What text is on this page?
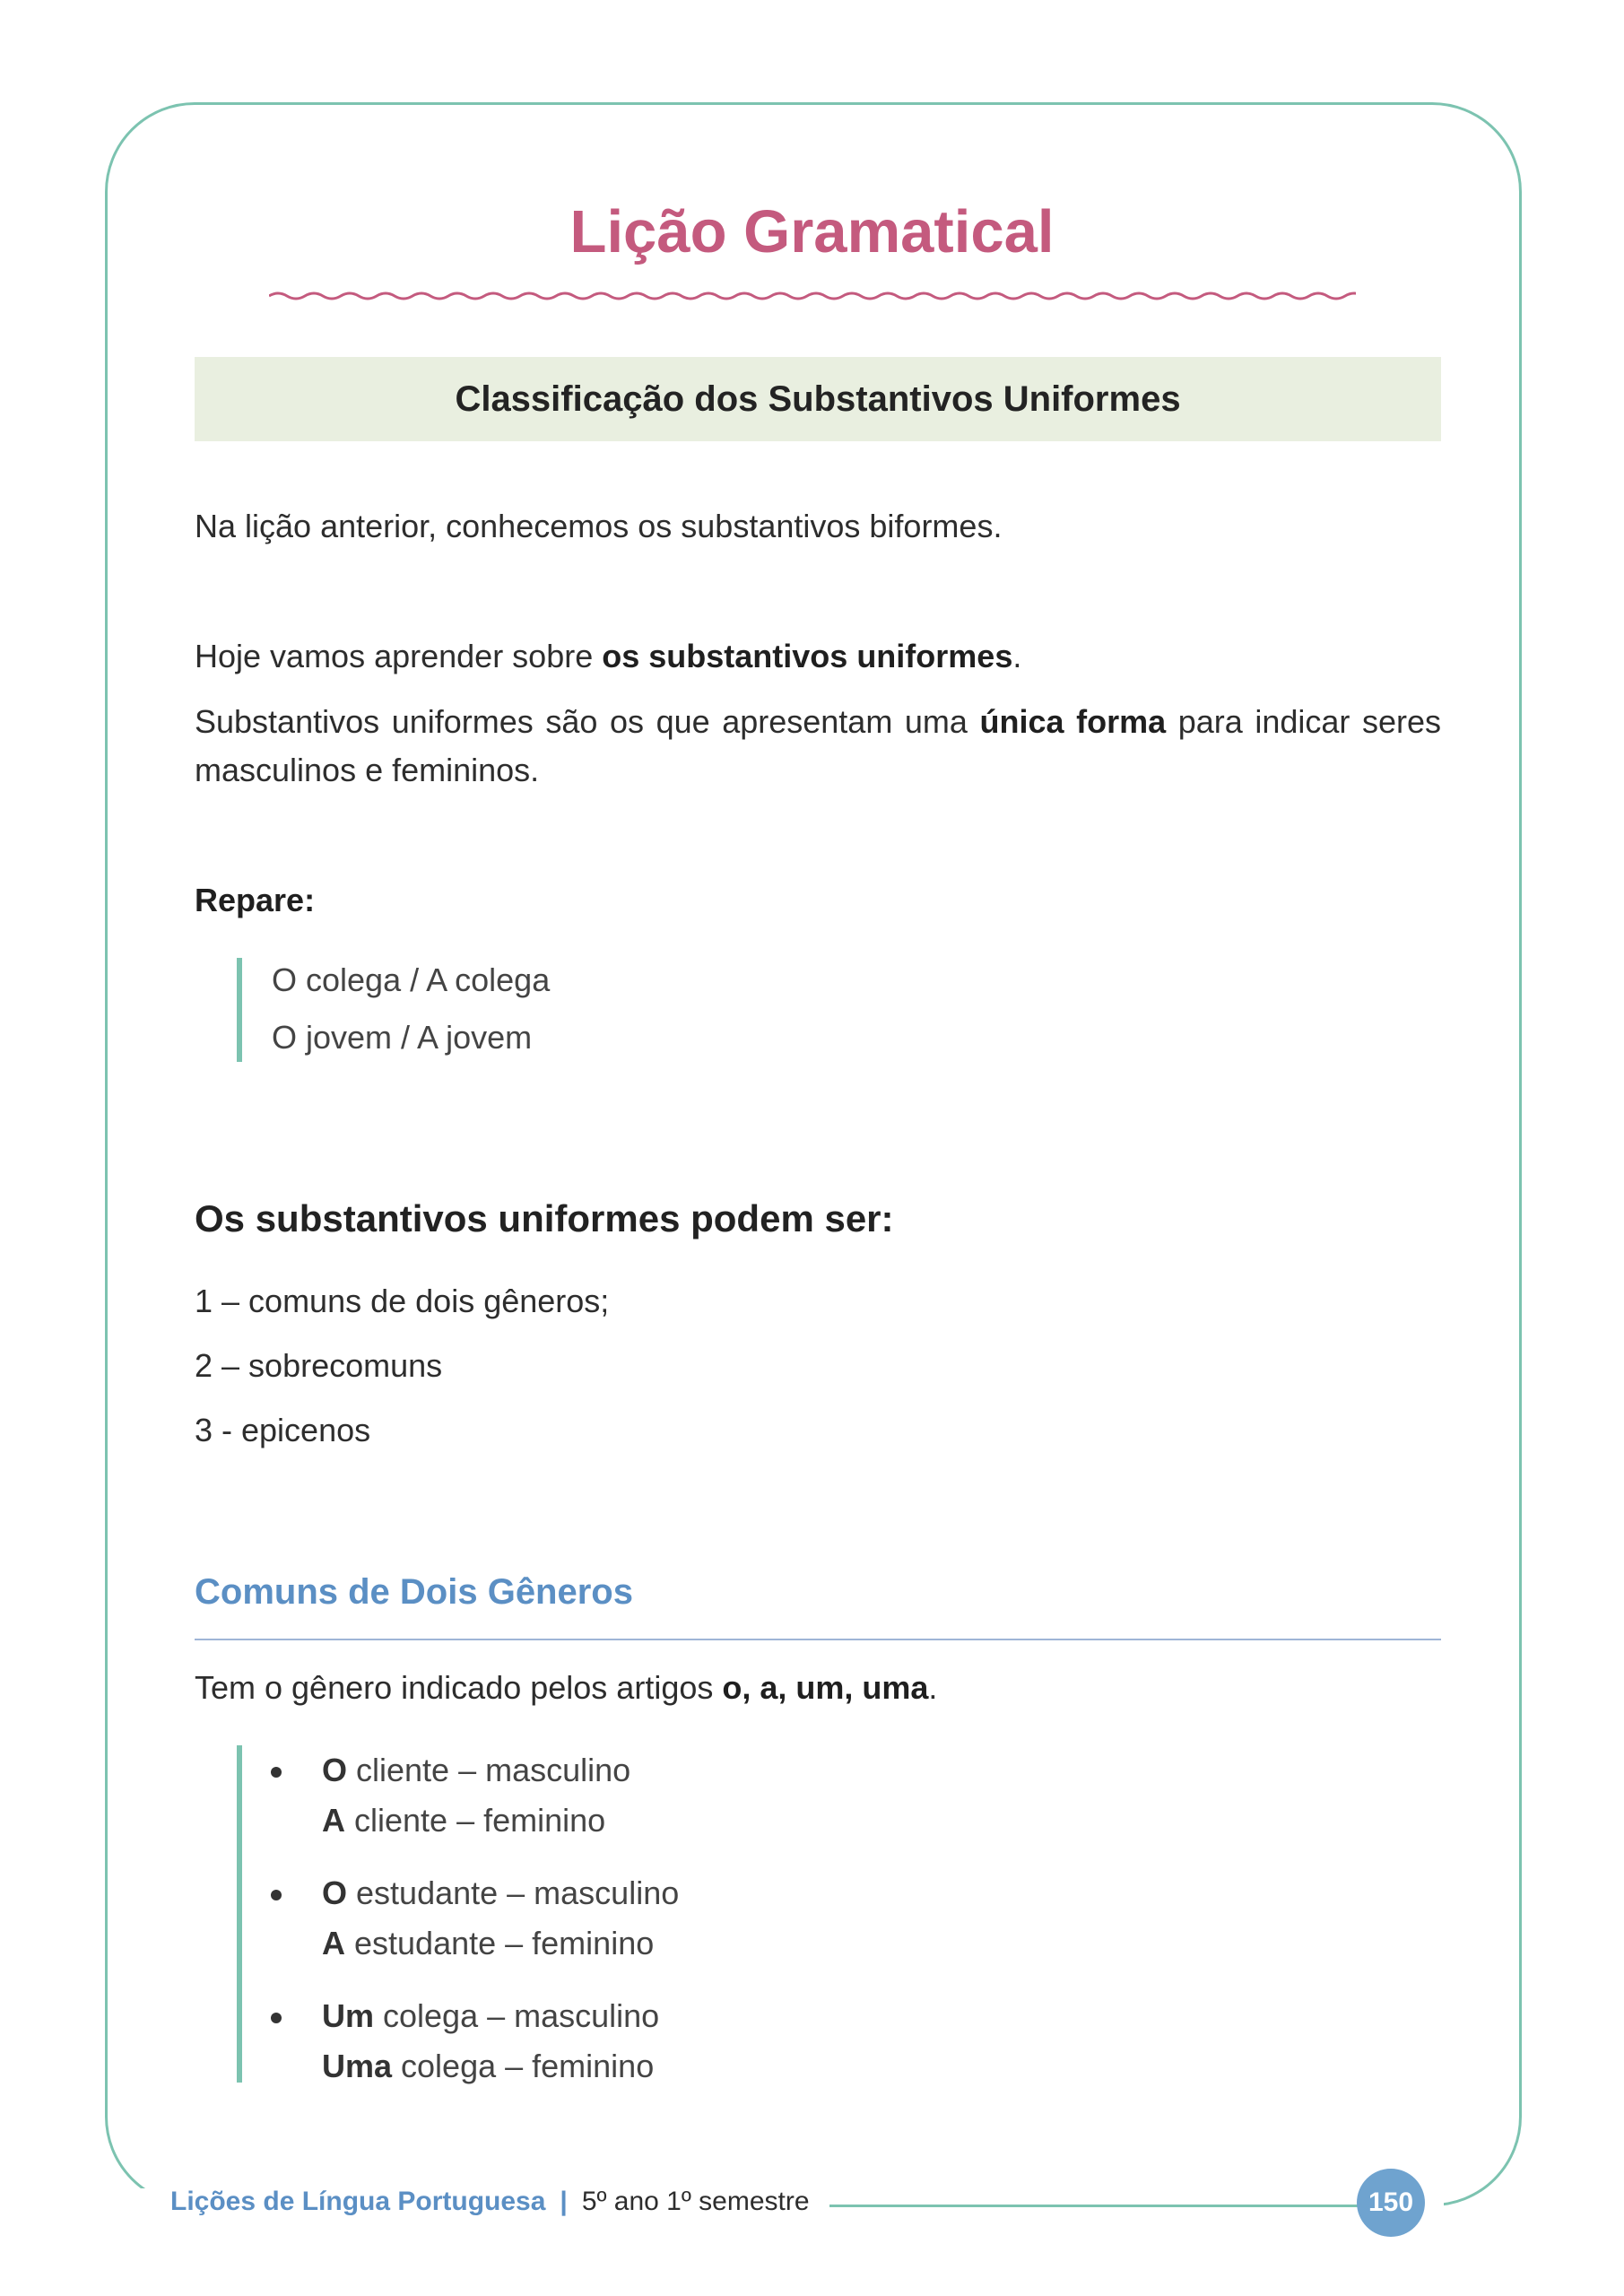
Lição Gramatical
Classificação dos Substantivos Uniformes
Na lição anterior, conhecemos os substantivos biformes.
Hoje vamos aprender sobre os substantivos uniformes.
Substantivos uniformes são os que apresentam uma única forma para indicar seres masculinos e femininos.
Repare:
O colega / A colega
O jovem / A jovem
Os substantivos uniformes podem ser:
1 – comuns de dois gêneros;
2 – sobrecomuns
3 - epicenos
Comuns de Dois Gêneros
Tem o gênero indicado pelos artigos o, a, um, uma.
O cliente – masculino
A cliente – feminino
O estudante – masculino
A estudante – feminino
Um colega – masculino
Uma colega – feminino
Lições de Língua Portuguesa | 5º ano 1º semestre	150
